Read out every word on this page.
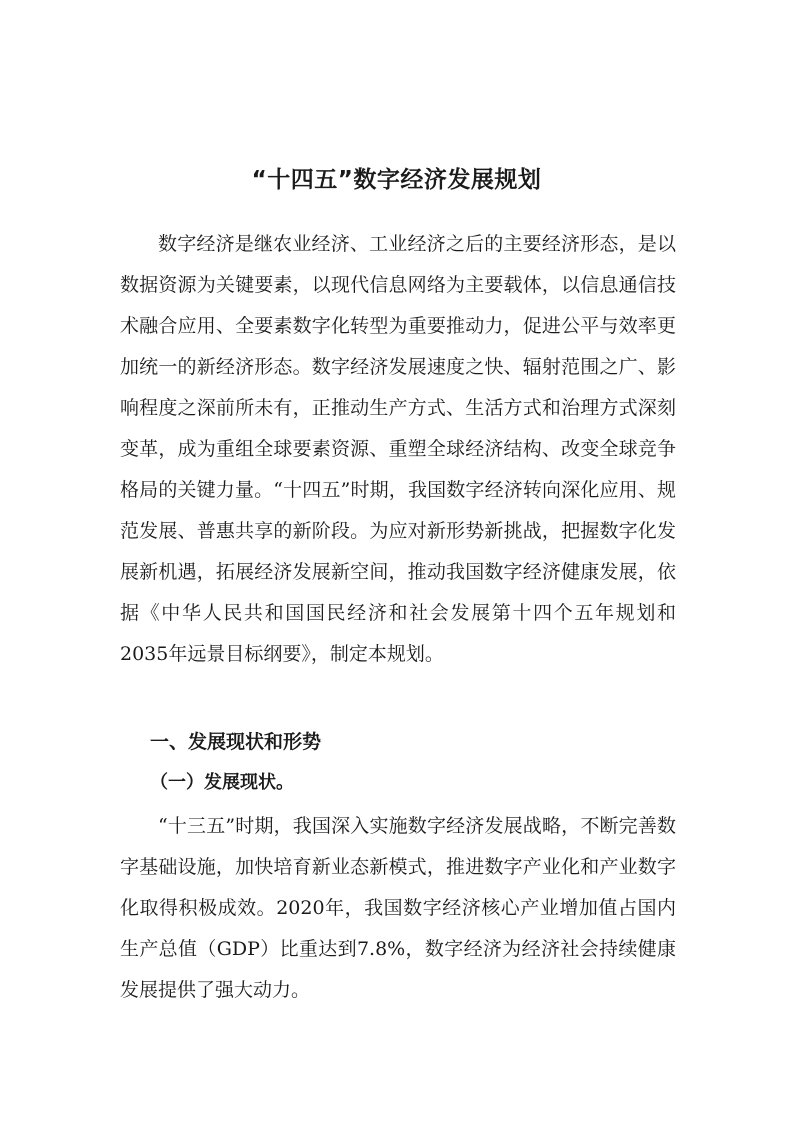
“十四五”数字经济发展规划

数字经济是继农业经济、工业经济之后的主要经济形态，是以数据资源为关键要素，以现代信息网络为主要载体，以信息通信技术融合应用、全要素数字化转型为重要推动力，促进公平与效率更加统一的新经济形态。数字经济发展速度之快、辐射范围之广、影响程度之深前所未有，正推动生产方式、生活方式和治理方式深刻变革，成为重组全球要素资源、重塑全球经济结构、改变全球竞争格局的关键力量。“十四五”时期，我国数字经济转向深化应用、规范发展、普惠共享的新阶段。为应对新形势新挑战，把握数字化发展新机遇，拓展经济发展新空间，推动我国数字经济健康发展，依据《中华人民共和国国民经济和社会发展第十四个五年规划和2035年远景目标纲要》，制定本规划。

一、发展现状和形势
（一）发展现状。

“十三五”时期，我国深入实施数字经济发展战略，不断完善数字基础设施，加快培育新业态新模式，推进数字产业化和产业数字化取得积极成效。2020年，我国数字经济核心产业增加值占国内生产总值（GDP）比重达到7.8%，数字经济为经济社会持续健康发展提供了强大动力。
